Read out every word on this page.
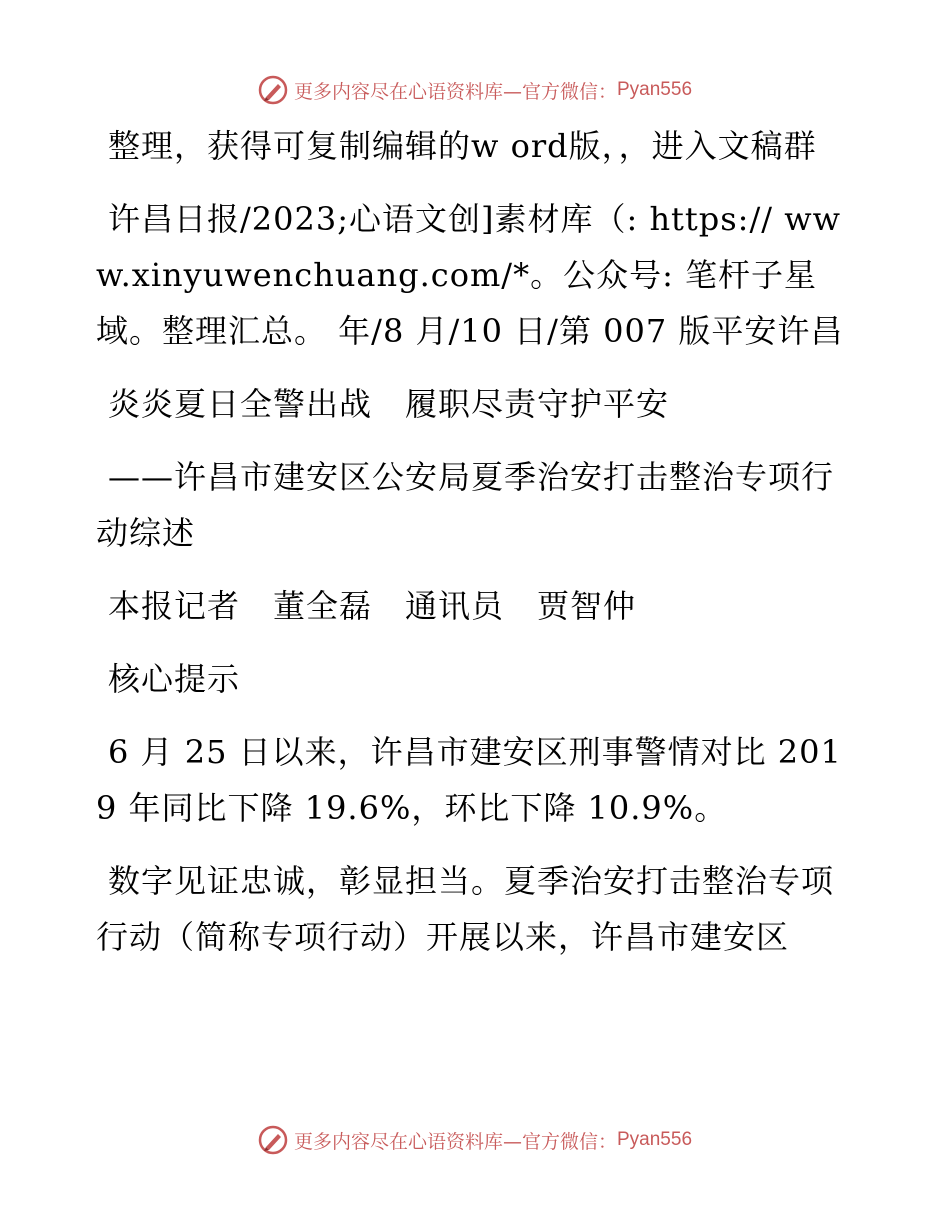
更多内容尽在心语资料库—官方微信： Pyan556

整理，获得可复制编辑的w ord版，，进入文稿群

许昌日报/2023;心语文创]素材库（: https:// www.xinyuwenchuang.com/*。公众号: 笔杆子星域。整理汇总。 年/8 月/10 日/第 007 版平安许昌

炎炎夏日全警出战　履职尽责守护平安

——许昌市建安区公安局夏季治安打击整治专项行动综述

本报记者　董全磊　通讯员　贾智仲

核心提示

6 月 25 日以来，许昌市建安区刑事警情对比 2019 年同比下降 19.6%，环比下降 10.9%。

数字见证忠诚，彰显担当。夏季治安打击整治专项行动（简称专项行动）开展以来，许昌市建安区

更多内容尽在心语资料库—官方微信： Pyan556
